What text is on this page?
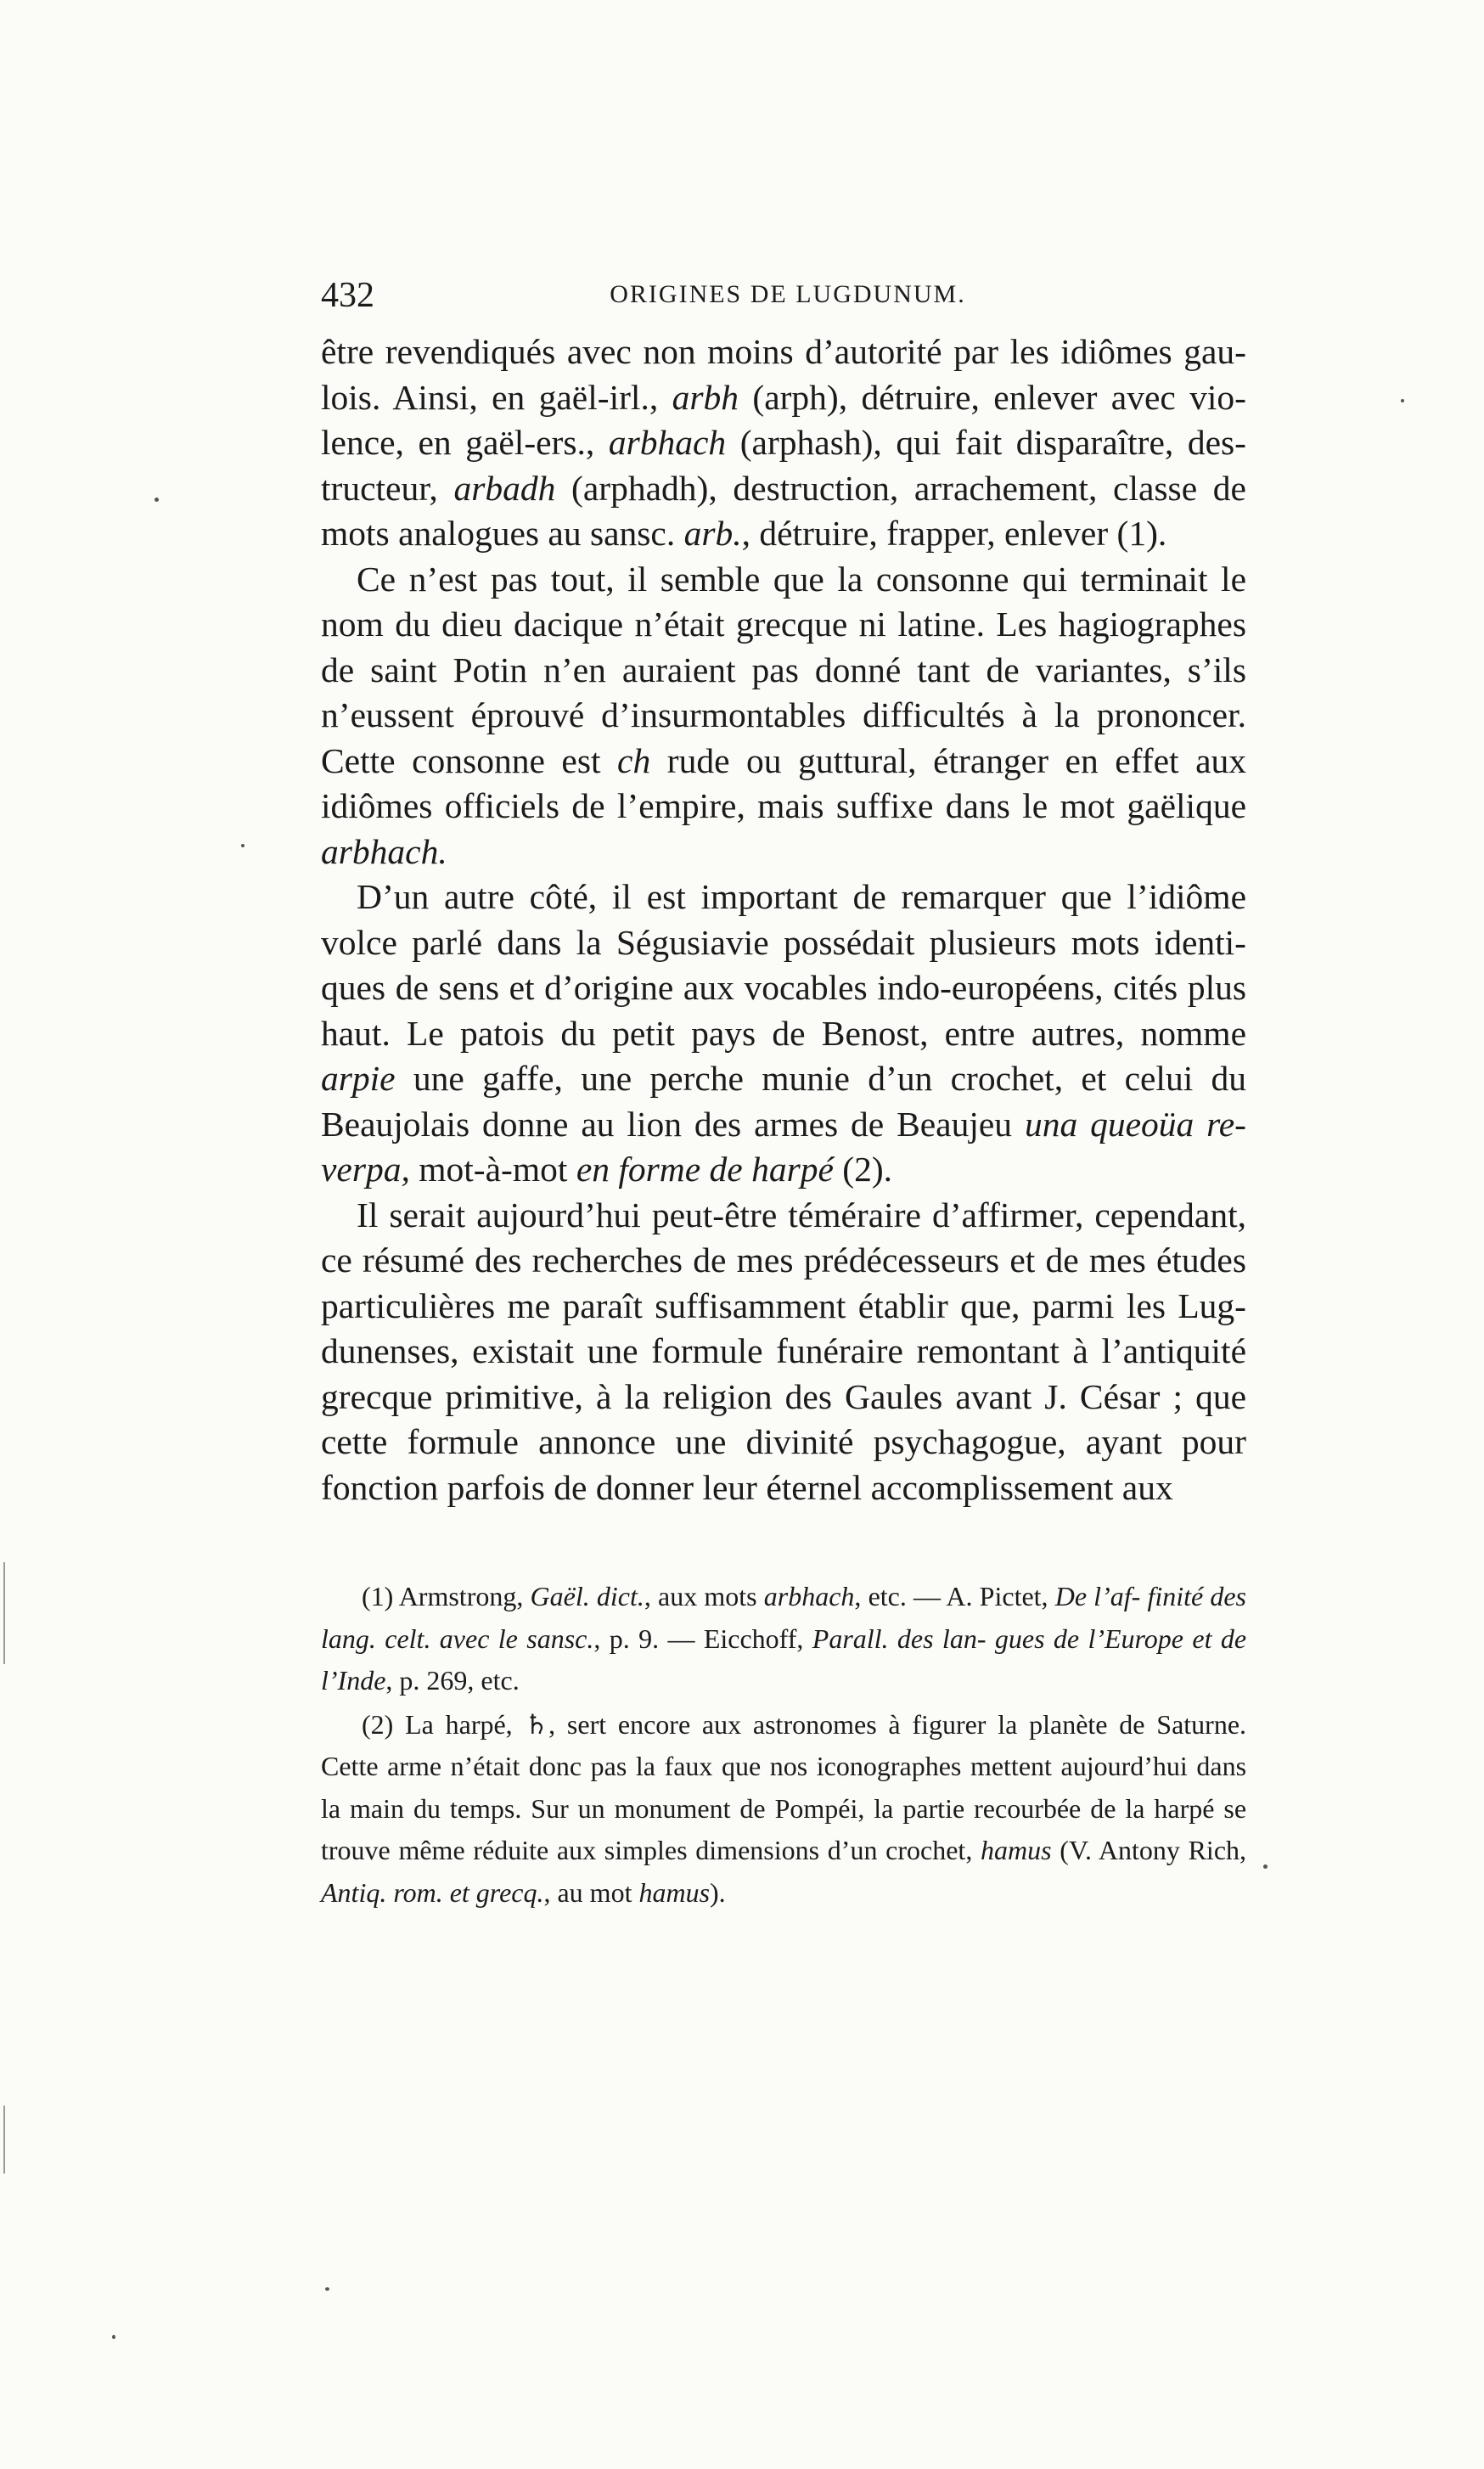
432	ORIGINES DE LUGDUNUM.

être revendiqués avec non moins d’autorité par les idiômes gau- lois. Ainsi, en gaël-irl., arbh (arph), détruire, enlever avec vio- lence, en gaël-ers., arbhach (arphash), qui fait disparaître, des- tructeur, arbadh (arphadh), destruction, arrachement, classe de mots analogues au sansc. arb., détruire, frapper, enlever (1).

Ce n’est pas tout, il semble que la consonne qui terminait le nom du dieu dacique n’était grecque ni latine. Les hagiographes de saint Potin n’en auraient pas donné tant de variantes, s’ils n’eussent éprouvé d’insurmontables difficultés à la prononcer. Cette consonne est ch rude ou guttural, étranger en effet aux idiômes officiels de l’empire, mais suffixe dans le mot gaëlique arbhach.

D’un autre côté, il est important de remarquer que l’idiôme volce parlé dans la Ségusiavie possédait plusieurs mots identi- ques de sens et d’origine aux vocables indo-européens, cités plus haut. Le patois du petit pays de Benost, entre autres, nomme arpie une gaffe, une perche munie d’un crochet, et celui du Beaujolais donne au lion des armes de Beaujeu una queoüa re- verpa, mot-à-mot en forme de harpé (2).

Il serait aujourd’hui peut-être téméraire d’affirmer, cependant, ce résumé des recherches de mes prédécesseurs et de mes études particulières me paraît suffisamment établir que, parmi les Lug- dunenses, existait une formule funéraire remontant à l’antiquité grecque primitive, à la religion des Gaules avant J. César ; que cette formule annonce une divinité psychagogue, ayant pour fonction parfois de donner leur éternel accomplissement aux

(1) Armstrong, Gaël. dict., aux mots arbhach, etc. — A. Pictet, De l’af- finité des lang. celt. avec le sansc., p. 9. — Eicchoff, Parall. des lan- gues de l’Europe et de l’Inde, p. 269, etc.

(2) La harpé, ♄, sert encore aux astronomes à figurer la planète de Saturne. Cette arme n’était donc pas la faux que nos iconographes mettent aujourd’hui dans la main du temps. Sur un monument de Pompéi, la partie recourbée de la harpé se trouve même réduite aux simples dimensions d’un crochet, hamus (V. Antony Rich, Antiq. rom. et grecq., au mot hamus).
